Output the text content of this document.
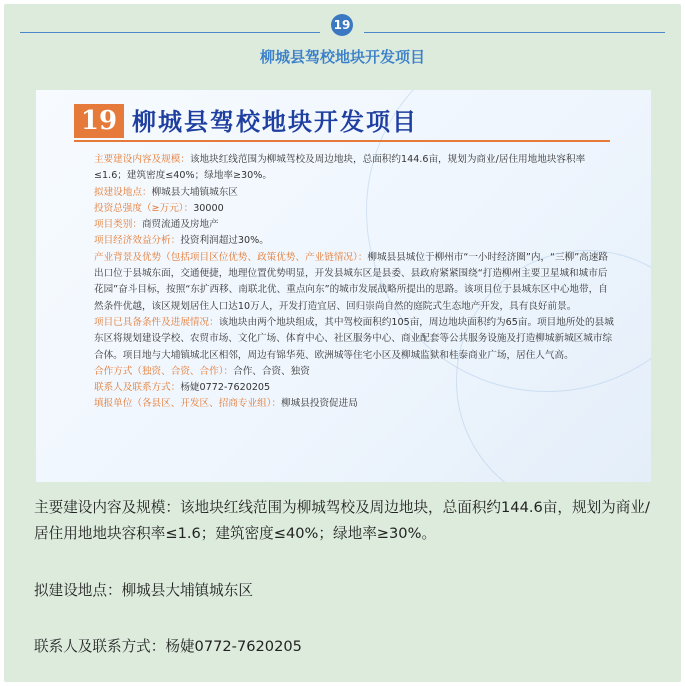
19
柳城县驾校地块开发项目
19 柳城县驾校地块开发项目

主要建设内容及规模：该地块红线范围为柳城驾校及周边地块，总面积约144.6亩，规划为商业/居住用地地块容积率≤1.6；建筑密度≤40%；绿地率≥30%。

拟建设地点：柳城县大埔镇城东区

投资总强度（≥万元）：30000

项目类别：商贸流通及房地产

项目经济效益分析：投资利润超过30%。

产业背景及优势（包括项目区位优势、政策优势、产业链情况）：柳城县县城位于柳州市“一小时经济圈”内，“三柳”高速路出口位于县城东面，交通便捷，地理位置优势明显，开发县城东区是县委、县政府紧紧围绕“打造柳州主要卫星城和城市后花园”奋斗目标，按照“东扩西移、南联北优、重点向东”的城市发展战略所提出的思路。该项目位于县城东区中心地带，自然条件优越，该区规划居住人口达10万人，开发打造宜居、回归崇尚自然的庭院式生态地产开发，具有良好前景。

项目已具备条件及进展情况：该地块由两个地块组成，其中驾校面积约105亩，周边地块面积约为65亩。项目地所处的县城东区将规划建设学校、农贸市场、文化广场、体育中心、社区服务中心、商业配套等公共服务设施及打造柳城新城区城市综合体。项目地与大埔镇城北区相邻，周边有锦华苑、欧洲城等住宅小区及柳城监狱和桂泰商业广场，居住人气高。

合作方式（独资、合资、合作）：合作、合资、独资

联系人及联系方式：杨婕0772-7620205

填报单位（各县区、开发区、招商专业组）：柳城县投资促进局

主要建设内容及规模：该地块红线范围为柳城驾校及周边地块，总面积约144.6亩，规划为商业/居住用地地块容积率≤1.6；建筑密度≤40%；绿地率≥30%。
拟建设地点：柳城县大埔镇城东区
联系人及联系方式：杨婕0772-7620205
